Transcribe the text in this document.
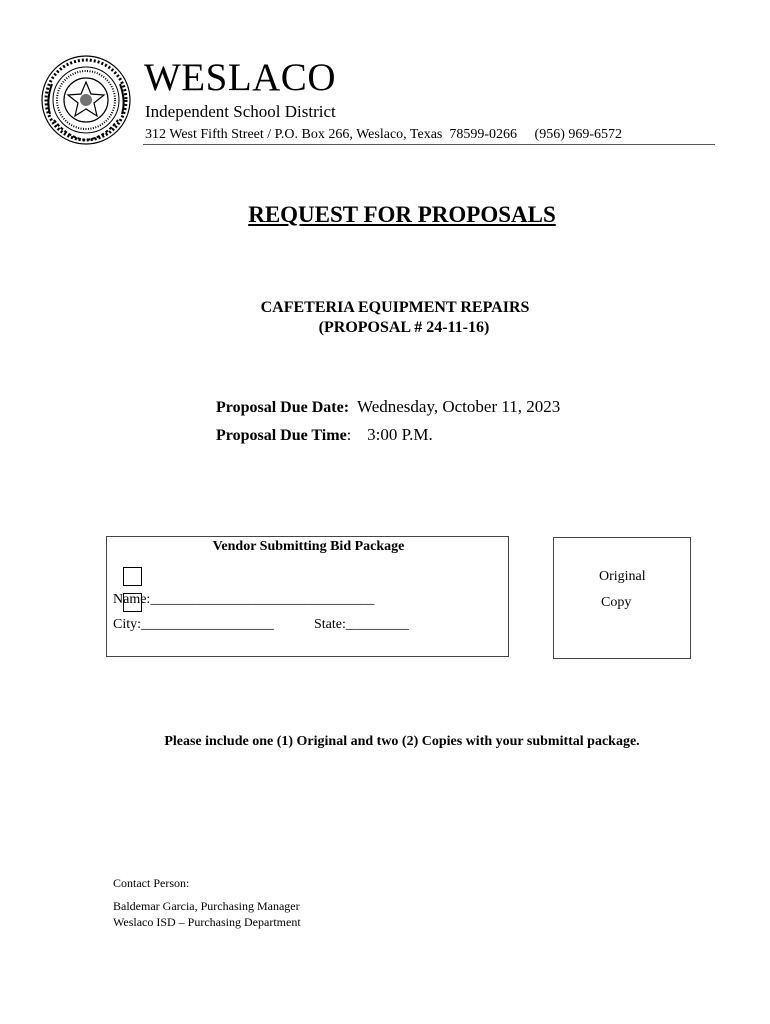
WESLACO
Independent School District
312 West Fifth Street / P.O. Box 266, Weslaco, Texas  78599-0266     (956) 969-6572
REQUEST FOR PROPOSALS
CAFETERIA EQUIPMENT REPAIRS
(PROPOSAL # 24-11-16)
Proposal Due Date: Wednesday, October 11, 2023
Proposal Due Time: 3:00 P.M.
Vendor Submitting Bid Package
Name:________________________________
City:___________________	State:_________
Original
Copy
Please include one (1) Original and two (2) Copies with your submittal package.
Contact Person:
Baldemar Garcia, Purchasing Manager
Weslaco ISD – Purchasing Department
